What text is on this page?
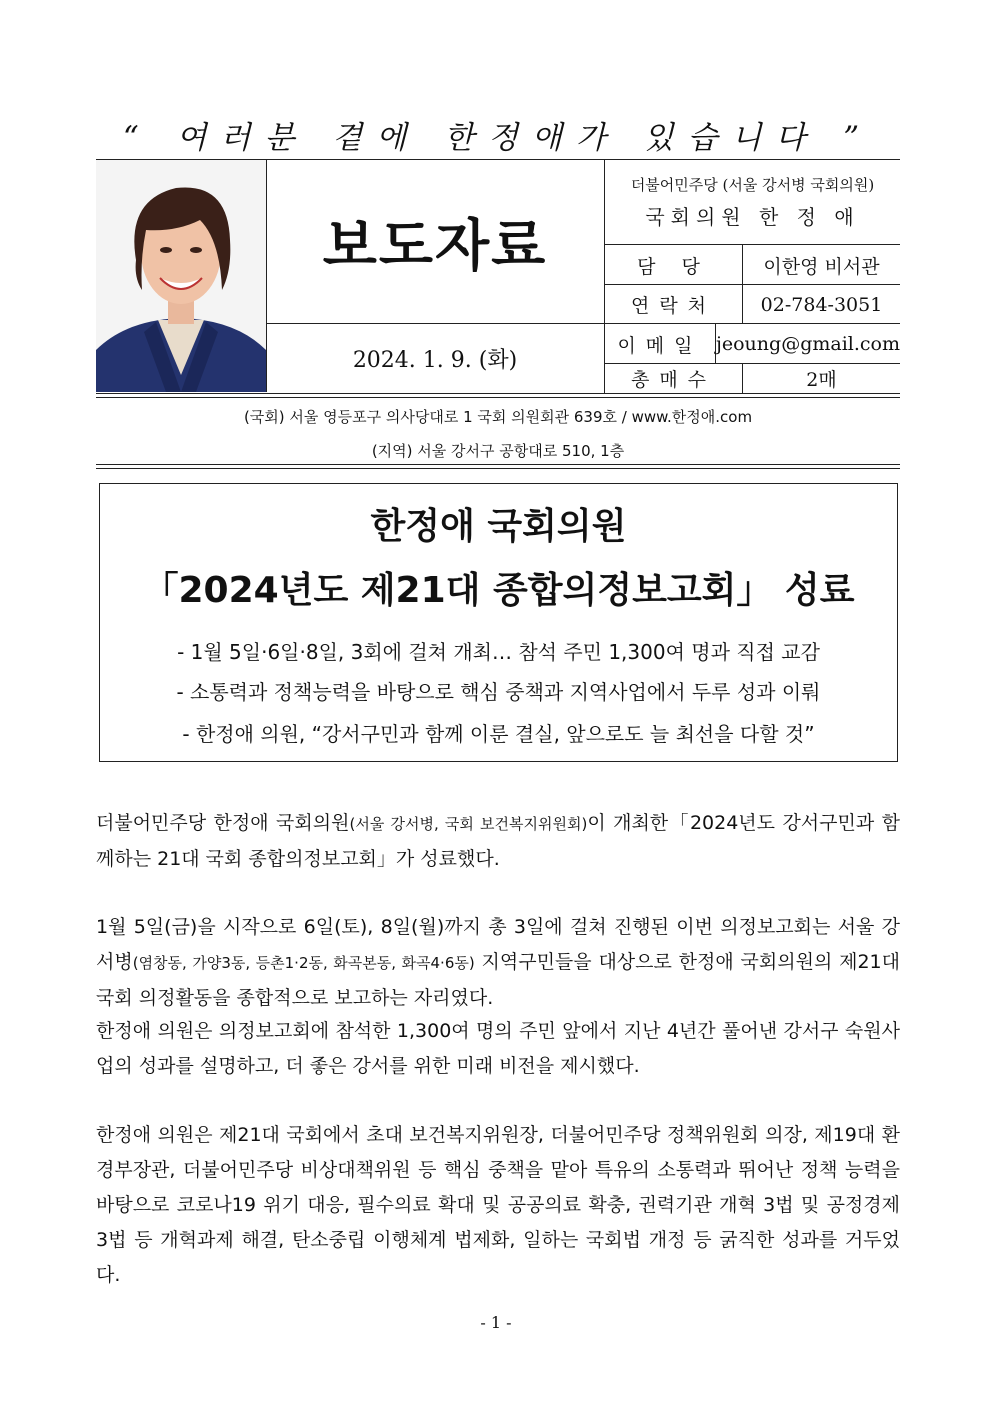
“ 여러분 곁에 한정애가 있습니다 ”
보도자료
2024. 1. 9. (화)
더불어민주당 (서울 강서병 국회의원)
국회의원 한 정 애
담 당	이한영 비서관
연락처	02-784-3051
이메일 jeoung@gmail.com
총매수	2매
(국회) 서울 영등포구 의사당대로 1 국회 의원회관 639호 / www.한정애.com
(지역) 서울 강서구 공항대로 510, 1층
한정애 국회의원
「2024년도 제21대 종합의정보고회」 성료
- 1월 5일·6일·8일, 3회에 걸쳐 개최… 참석 주민 1,300여 명과 직접 교감
- 소통력과 정책능력을 바탕으로 핵심 중책과 지역사업에서 두루 성과 이뤄
- 한정애 의원, “강서구민과 함께 이룬 결실, 앞으로도 늘 최선을 다할 것”
더불어민주당 한정애 국회의원(서울 강서병, 국회 보건복지위원회)이 개최한「2024년도 강서구민과 함께하는 21대 국회 종합의정보고회」가 성료했다.
1월 5일(금)을 시작으로 6일(토), 8일(월)까지 총 3일에 걸쳐 진행된 이번 의정보고회는 서울 강서병(염창동, 가양3동, 등촌1·2동, 화곡본동, 화곡4·6동) 지역구민들을 대상으로 한정애 국회의원의 제21대 국회 의정활동을 종합적으로 보고하는 자리였다.
한정애 의원은 의정보고회에 참석한 1,300여 명의 주민 앞에서 지난 4년간 풀어낸 강서구 숙원사업의 성과를 설명하고, 더 좋은 강서를 위한 미래 비전을 제시했다.
한정애 의원은 제21대 국회에서 초대 보건복지위원장, 더불어민주당 정책위원회 의장, 제19대 환경부장관, 더불어민주당 비상대책위원 등 핵심 중책을 맡아 특유의 소통력과 뛰어난 정책 능력을 바탕으로 코로나19 위기 대응, 필수의료 확대 및 공공의료 확충, 권력기관 개혁 3법 및 공정경제 3법 등 개혁과제 해결, 탄소중립 이행체계 법제화, 일하는 국회법 개정 등 굵직한 성과를 거두었다.
- 1 -
